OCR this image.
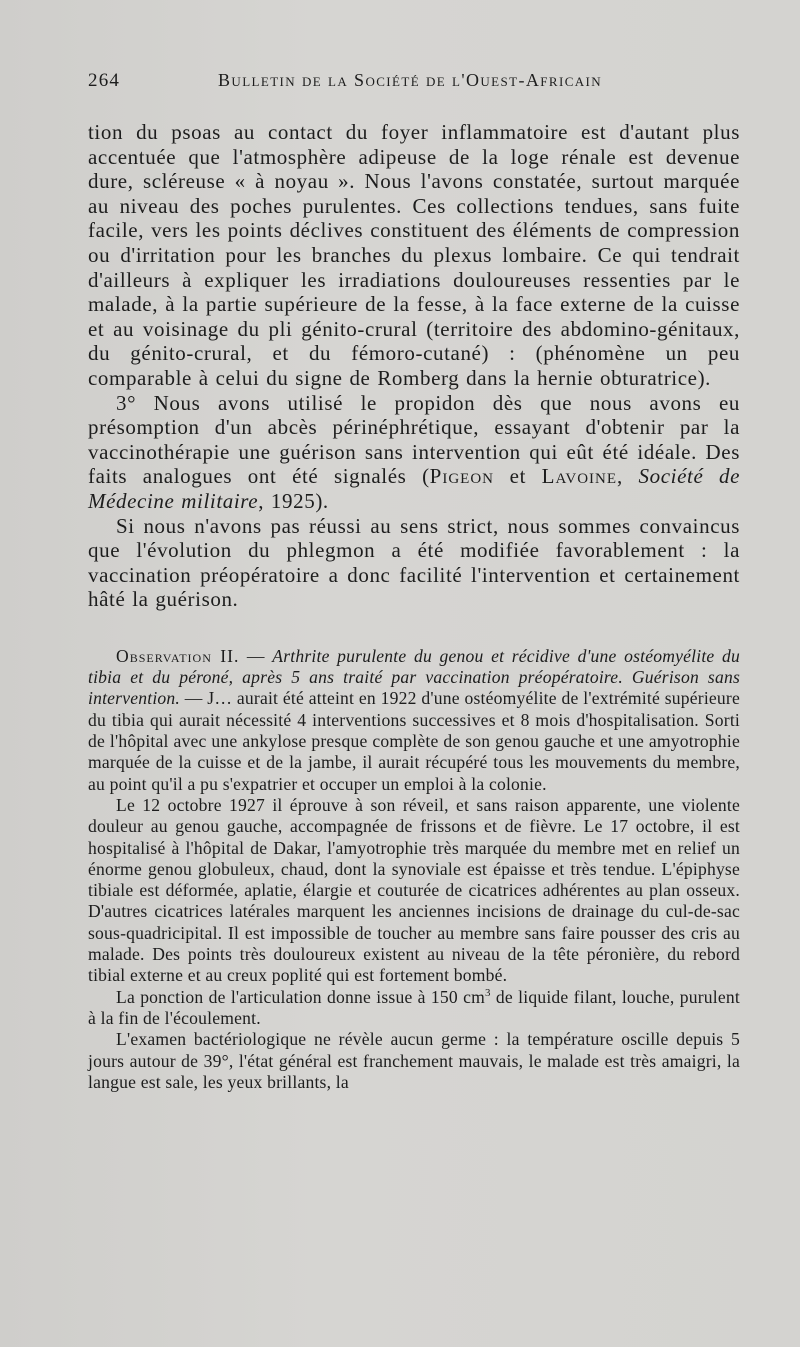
264	Bulletin de la Société de l'Ouest-Africain

tion du psoas au contact du foyer inflammatoire est d'autant plus accentuée que l'atmosphère adipeuse de la loge rénale est devenue dure, scléreuse « à noyau ». Nous l'avons constatée, surtout marquée au niveau des poches purulentes. Ces collections tendues, sans fuite facile, vers les points déclives constituent des éléments de compression ou d'irritation pour les branches du plexus lombaire. Ce qui tendrait d'ailleurs à expliquer les irradiations douloureuses ressenties par le malade, à la partie supérieure de la fesse, à la face externe de la cuisse et au voisinage du pli génito-crural (territoire des abdomino-génitaux, du génito-crural, et du fémoro-cutané) : (phénomène un peu comparable à celui du signe de Romberg dans la hernie obturatrice).

3° Nous avons utilisé le propidon dès que nous avons eu présomption d'un abcès périnéphrétique, essayant d'obtenir par la vaccinothérapie une guérison sans intervention qui eût été idéale. Des faits analogues ont été signalés (Pigeon et Lavoine, Société de Médecine militaire, 1925).

Si nous n'avons pas réussi au sens strict, nous sommes convaincus que l'évolution du phlegmon a été modifiée favorablement : la vaccination préopératoire a donc facilité l'intervention et certainement hâté la guérison.

Observation II. — Arthrite purulente du genou et récidive d'une ostéomyélite du tibia et du péroné, après 5 ans traité par vaccination préopératoire. Guérison sans intervention. — J… aurait été atteint en 1922 d'une ostéomyélite de l'extrémité supérieure du tibia qui aurait nécessité 4 interventions successives et 8 mois d'hospitalisation. Sorti de l'hôpital avec une ankylose presque complète de son genou gauche et une amyotrophie marquée de la cuisse et de la jambe, il aurait récupéré tous les mouvements du membre, au point qu'il a pu s'expatrier et occuper un emploi à la colonie.

Le 12 octobre 1927 il éprouve à son réveil, et sans raison apparente, une violente douleur au genou gauche, accompagnée de frissons et de fièvre. Le 17 octobre, il est hospitalisé à l'hôpital de Dakar, l'amyotrophie très marquée du membre met en relief un énorme genou globuleux, chaud, dont la synoviale est épaisse et très tendue. L'épiphyse tibiale est déformée, aplatie, élargie et couturée de cicatrices adhérentes au plan osseux. D'autres cicatrices latérales marquent les anciennes incisions de drainage du cul-de-sac sous-quadricipital. Il est impossible de toucher au membre sans faire pousser des cris au malade. Des points très douloureux existent au niveau de la tête péronière, du rebord tibial externe et au creux poplité qui est fortement bombé.

La ponction de l'articulation donne issue à 150 $cm^3$ de liquide filant, louche, purulent à la fin de l'écoulement.

L'examen bactériologique ne révèle aucun germe : la température oscille depuis 5 jours autour de 39°, l'état général est franchement mauvais, le malade est très amaigri, la langue est sale, les yeux brillants, la
